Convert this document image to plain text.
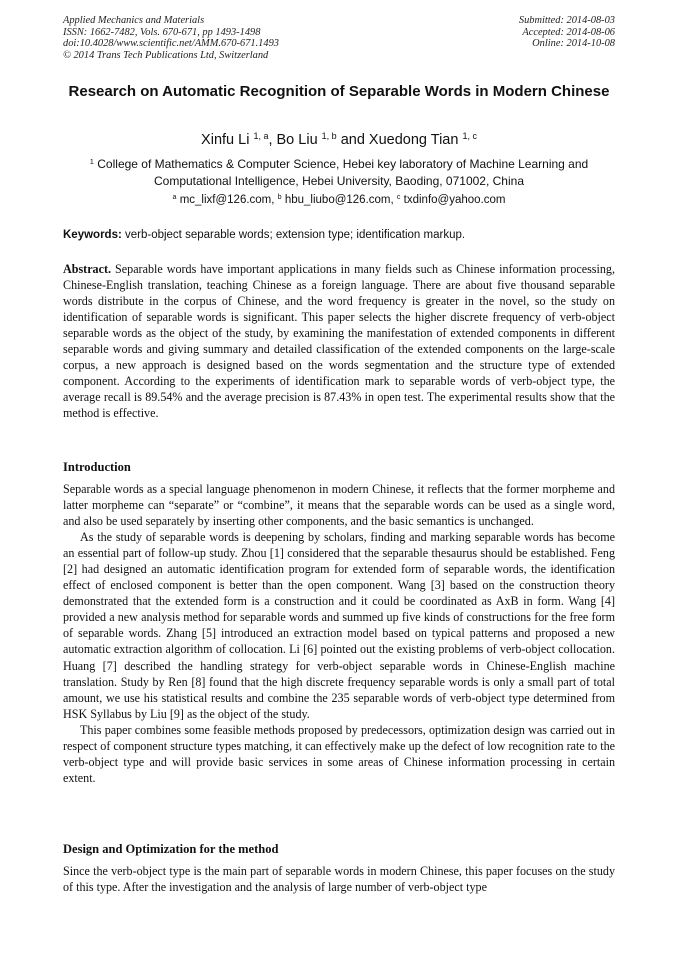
Applied Mechanics and Materials
ISSN: 1662-7482, Vols. 670-671, pp 1493-1498
doi:10.4028/www.scientific.net/AMM.670-671.1493
© 2014 Trans Tech Publications Ltd, Switzerland
Submitted: 2014-08-03
Accepted: 2014-08-06
Online: 2014-10-08
Research on Automatic Recognition of Separable Words in Modern Chinese
Xinfu Li $^{1, a}$, Bo Liu $^{1, b}$ and Xuedong Tian $^{1, c}$
$^1$ College of Mathematics & Computer Science, Hebei key laboratory of Machine Learning and Computational Intelligence, Hebei University, Baoding, 071002, China
$^a$ mc_lixf@126.com, $^b$ hbu_liubo@126.com, $^c$ txdinfo@yahoo.com
Keywords: verb-object separable words; extension type; identification markup.

Abstract. Separable words have important applications in many fields such as Chinese information processing, Chinese-English translation, teaching Chinese as a foreign language. There are about five thousand separable words distribute in the corpus of Chinese, and the word frequency is greater in the novel, so the study on identification of separable words is significant. This paper selects the higher discrete frequency of verb-object separable words as the object of the study, by examining the manifestation of extended components in different separable words and giving summary and detailed classification of the extended components on the large-scale corpus, a new approach is designed based on the words segmentation and the structure type of extended component. According to the experiments of identification mark to separable words of verb-object type, the average recall is 89.54% and the average precision is 87.43% in open test. The experimental results show that the method is effective.

Introduction

Separable words as a special language phenomenon in modern Chinese, it reflects that the former morpheme and latter morpheme can “separate” or “combine”, it means that the separable words can be used as a single word, and also be used separately by inserting other components, and the basic semantics is unchanged.

As the study of separable words is deepening by scholars, finding and marking separable words has become an essential part of follow-up study. Zhou [1] considered that the separable thesaurus should be established. Feng [2] had designed an automatic identification program for extended form of separable words, the identification effect of enclosed component is better than the open component. Wang [3] based on the construction theory demonstrated that the extended form is a construction and it could be coordinated as AxB in form. Wang [4] provided a new analysis method for separable words and summed up five kinds of constructions for the free form of separable words. Zhang [5] introduced an extraction model based on typical patterns and proposed a new automatic extraction algorithm of collocation. Li [6] pointed out the existing problems of verb-object collocation. Huang [7] described the handling strategy for verb-object separable words in Chinese-English machine translation. Study by Ren [8] found that the high discrete frequency separable words is only a small part of total amount, we use his statistical results and combine the 235 separable words of verb-object type determined from HSK Syllabus by Liu [9] as the object of the study.

This paper combines some feasible methods proposed by predecessors, optimization design was carried out in respect of component structure types matching, it can effectively make up the defect of low recognition rate to the verb-object type and will provide basic services in some areas of Chinese information processing in certain extent.

Design and Optimization for the method

Since the verb-object type is the main part of separable words in modern Chinese, this paper focuses on the study of this type. After the investigation and the analysis of large number of verb-object type
